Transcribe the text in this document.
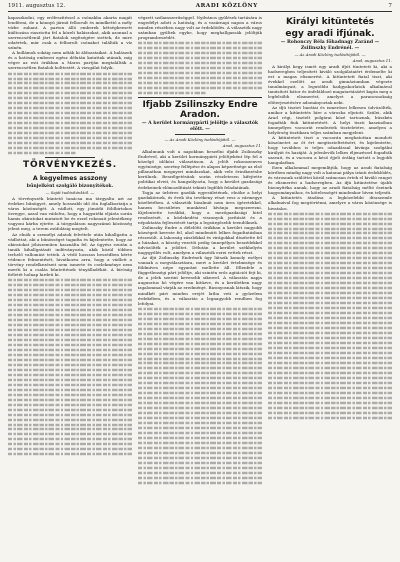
1911. augusztus 12.	ARADI KÖZLÖNY	7

kapaszkodni, egy erőfeszítéssel a csónakba akarta magát lendíteni, de a könnyű jármű felborult és mindkettő a mély vízbe zuhant. A parton álló emberek kétségbeesett kiáltozása riasztotta fel a közeli halászokat, akik azonnal a szerencsétlenül járt fiatalok segítségére siettek, de mire odaértek, már csak a felborult csónakot találták a víz színén.

A hullámok sokáig nem adták ki áldozataikat. A halászok és a hatóság emberei egész délután kutattak utánuk, míg végre az esti órákban a Maros partján megtalálták a szerencsétlen fiatalok holttestét. A vizsgálat folyik.

TÖRVÉNYKEZÉS.
A kegyelmes asszony
bűnjelként szolgáló bizonyítékok.
— Saját tudósítónktól. —

A törvényszék büntető tanácsa ma tárgyalta azt az érdekes bűnügyet, amely hosszabb idő óta foglalkoztatja a város közönségét. A vádlott, egy jómódú földbirtokos özvegye, azzal van vádolva, hogy a hagyatéki eljárás során hamis okiratokat mutatott be és ezzel rokonait jelentékeny vagyoni kárba ejtette. A tárgyaláson nagyszámú közönség jelent meg, a terem zsúfolásig megtelt.

Az elnök a személyi adatok felvétele után kihallgatta a vádlottat, aki a bűnösséget tagadta és kijelentette, hogy az okiratokat jóhiszeműen használta fel. Az ügyész ezután a tanúk kihallgatását indítványozta, akik közül többen terhelő vallomást tettek. A védő hosszas beszédben kérte védence felmentését, hivatkozva arra, hogy a vádlott a törvény rendelkezéseit nem ismerte és cselekménye nem meríti ki a csalás bűntettének tényálladékát. A bíróság ítéletét holnap hirdeti ki.

végzett szólamszerűséggel. Nyilvános gyűlések tartására is engedélyt adott a hatóság, és a vasárnapi napon a város minden részében nagy volt az érdeklődés. A választók nagy számban gyűltek egybe, hogy meghallgassák jelöltjük programbeszédét.

Ifjabb Zsilinszky Endre Aradon.
— A kerület kormánypárti jelöltje a választók előtt. —
— Az Aradi Közlöny tudósítójától. —
Arad, augusztus 11.

Alkalmunk volt a napokban beszélni ifjabb Zsilinszky Endrével, aki a kerület kormánypárti jelöltjeként lép fel a közelgő időközi választáson. A jelölt rokonszenves egyénisége, szerény fellépése és alapos képzettsége az első pillanatban megnyeri mindazokat, akik vele érintkezésbe kerülnek. Beszélgetésünk során részletesen kifejtette politikai elveit, és hangsúlyozta, hogy a kerület gazdasági érdekeinek előmozdítását tekinti legfőbb feladatának.

Tagja az úrbéres gazdák egyesületének, elnöke a helyi gazdakörnek, és évek óta tevékeny részt vesz a vármegye közéletében. A választók bizalmát nem üres ígéretekkel, hanem becsületes munkával kívánja megszerezni. Kijelentette továbbá, hogy a mezőgazdasági hitel rendezését, a közlekedési viszonyok javítását és a népoktatás fejlesztését tartja a legsürgősebb teendőknek.

Zsilinszky Endre a délelőtti órákban a kerület nagyobb községeit kereste fel, ahol mindenütt lelkes fogadtatásban részesült. A lakosság zászlókkal és virágokkal díszítette fel a házakat, a község vezetői pedig ünnepélyes beszédekkel üdvözölték a jelöltet. Délután a kerület székhelyén nagygyűlés volt, amelyen a választók ezrei vettek részt.

Az ifjú Zsilinszky Endrének úgy látszik komoly esélyei vannak a megválasztásra, mert a kerület értelmisége és földmíves népe egyaránt mellette áll. Ellenfele a függetlenségi párt jelöltje, aki szintén erős agitációt fejt ki, de a jelek szerint kevesebb sikerrel. A választás napja augusztus hó végére van kitűzve, és a kerületben nagy izgalommal várják az eredményt. Bizonyosnak látszik, hogy mindkét párt minden erejét latba veti a győzelem érdekében, és a választás a legnagyobb rendben fog lefolyni.

Királyi kitüntetés
egy aradi ifjúnak.
— Rohonczy Béla főhadnagy Zaránd — Zsilinszky Endrénél. —
— Az Aradi Közlöny tudósítójától. —
Arad, augusztus 11.

A királyi kegy ismét egy aradi ifjút tüntetett ki, aki a hadseregben teljesített kiváló szolgálataiért érdemelte ki ezt a magas elismerést. A kitüntetett fiatal tiszt, aki évekkel ezelőtt az aradi gimnáziumban végezte tanulmányait, a legutóbbi hadgyakorlatok alkalmával tanúsított bátor és önfeláldozó magatartásáért kapta meg a legfelsőbb elismerést, amelyet a parancsnokság előterjesztésére adományoztak neki.

Az ifjú tisztet barátai és ismerősei lelkesen üdvözölték, amikor a kitüntetés híre a városba eljutott. Szülei, akik Arad régi, tisztelt polgárai közé tartoznak, büszkén fogadták fiuk kitüntetését. A helyi tiszti kaszinóban ünnepélyes vacsorát rendeztek tiszteletére, amelyen a helyőrség tisztikara teljes számban megjelent.

A kitüntetett tiszt a vacsorán meghatottan mondott köszönetet az őt ért megtiszteltetésért, és kijelentette, hogy továbbra is teljes odaadással kívánja szolgálni királyát és hazáját. A jelenlevők lelkes éljenzéssel fogadták szavait, és a vacsora a késő éjjeli órákig tartott a legjobb hangulatban.

Ezen alkalommal megemlítjük, hogy az aradi fiatalság körében mindig nagy volt a katonai pálya iránti érdeklődés, és városunk szülöttei közül számosan értek el kiváló rangot és elismerést a hadseregben. Az ifjú kitüntetése újabb bizonyítéka annak, hogy az aradi fiatalság méltó őseinek hagyományaihoz, és kötelességét mindenkor híven teljesíti.

A kitüntetés átadása a legközelebbi díszszemle alkalmával fog megtörténni, amelyre a város közönsége is hivatalos.
